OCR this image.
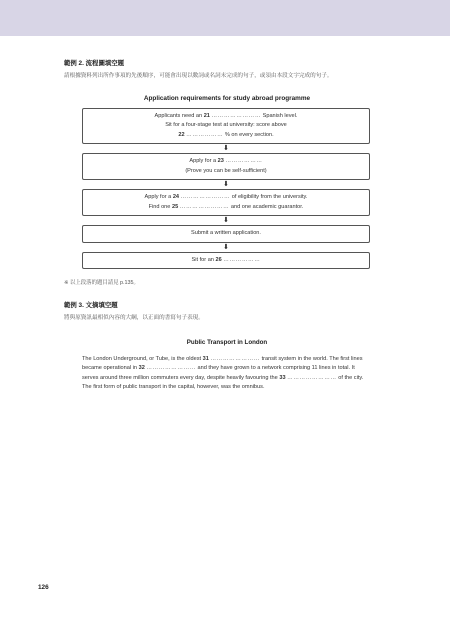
範例 2. 流程圖填空題

請根據資料列出所作事項的先後順序，可能會出現以數詞或名詞未完成的句子，或須由本段文字完成的句子。

Application requirements for study abroad programme

Applicants need an 21 …………………… Spanish level.

Sit for a four-stage test at university: score above

22 ……………… % on every section.

⬇

Apply for a 23 ………………

(Prove you can be self-sufficient)

⬇

Apply for a 24 …………………… of eligibility from the university.

Find one 25 …………………… and one academic guarantor.

⬇

Submit a written application.

⬇

Sit for an 26 ………………

※ 以上段落的題目請見 p.135。

範例 3. 文摘填空題

將與原資訊最相似內容的大綱，以正面的書寫句子表現。

Public Transport in London

The London Underground, or Tube, is the oldest 31 …………………… transit system in the world. The first lines became operational in 32 …………………… and they have grown to a network comprising 11 lines in total. It serves around three million commuters every day, despite heavily favouring the 33 …………………… of the city. The first form of public transport in the capital, however, was the omnibus.

126
